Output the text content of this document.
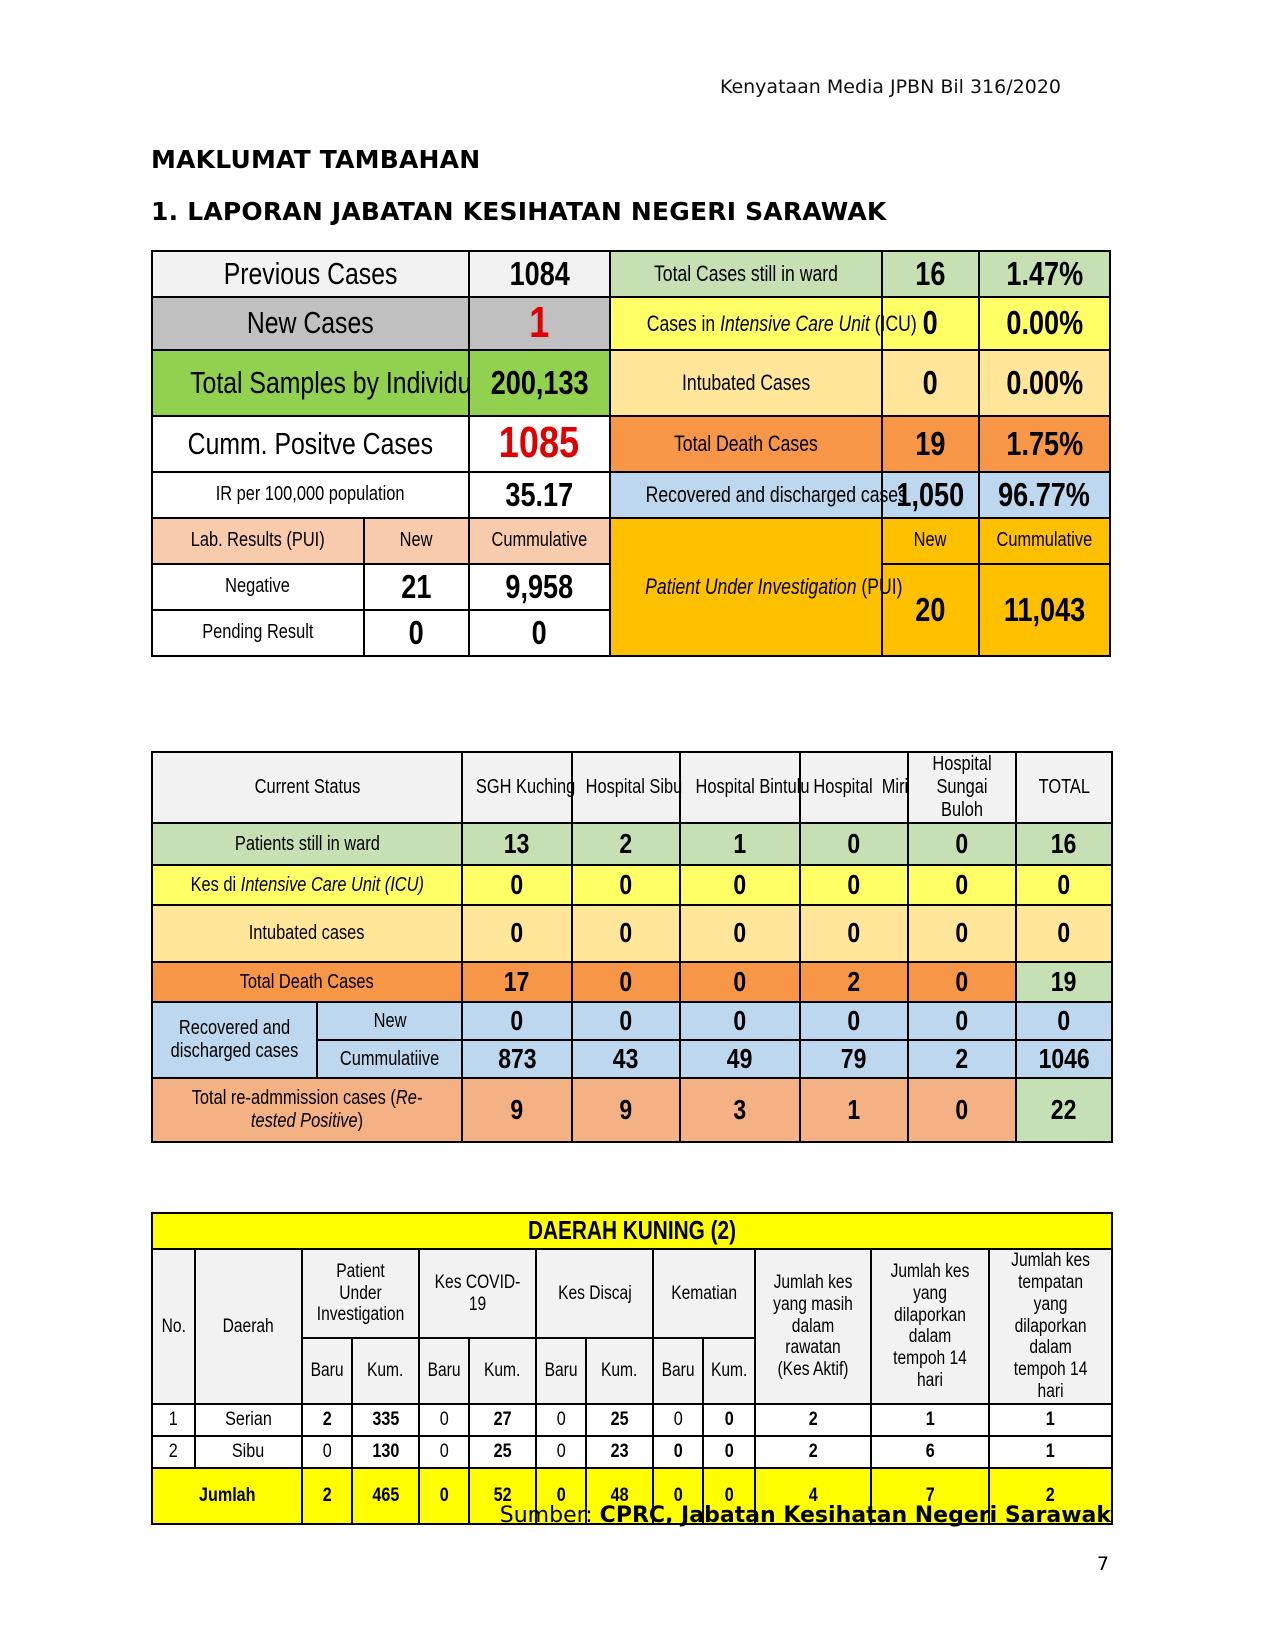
Kenyataan Media JPBN Bil 316/2020
MAKLUMAT TAMBAHAN
1. LAPORAN JABATAN KESIHATAN NEGERI SARAWAK
Previous Cases		1084	Total Cases still in ward	16	1.47%
New Cases		1	Cases in Intensive Care Unit (ICU)	0	0.00%
Total Samples by Individu		200,133	Intubated Cases	0	0.00%
Cumm. Positve Cases		1085	Total Death Cases	19	1.75%
IR per 100,000 population		35.17	Recovered and discharged cases	1,050	96.77%
Lab. Results (PUI)	New	Cummulative	Patient Under Investigation (PUI)	New	Cummulative
Negative	21	9,958		20	11,043
Pending Result	0	0			
Current Status		SGH Kuching	Hospital Sibu	Hospital Bintulu	Hospital  Miri	Hospital Sungai Buloh	TOTAL
Patients still in ward		13	2	1	0	0	16
Kes di Intensive Care Unit (ICU)		0	0	0	0	0	0
Intubated cases		0	0	0	0	0	0
Total Death Cases		17	0	0	2	0	19
Recovered and discharged cases	New	0	0	0	0	0	0
	Cummulatiive	873	43	49	79	2	1046
Total re-admmission cases (Re-tested Positive)		9	9	3	1	0	22
DAERAH KUNING (2)												
No.	Daerah	Patient Under Investigation		Kes COVID-19		Kes Discaj		Kematian		Jumlah kes yang masih dalam rawatan (Kes Aktif)	Jumlah kes yang dilaporkan dalam tempoh 14 hari	Jumlah kes tempatan yang dilaporkan dalam tempoh 14 hari
		Baru	Kum.	Baru	Kum.	Baru	Kum.	Baru	Kum.			
1	Serian	2	335	0	27	0	25	0	0	2	1	1
2	Sibu	0	130	0	25	0	23	0	0	2	6	1
Jumlah		2	465	0	52	0	48	0	0	4	7	2
Sumber: CPRC, Jabatan Kesihatan Negeri Sarawak
7
